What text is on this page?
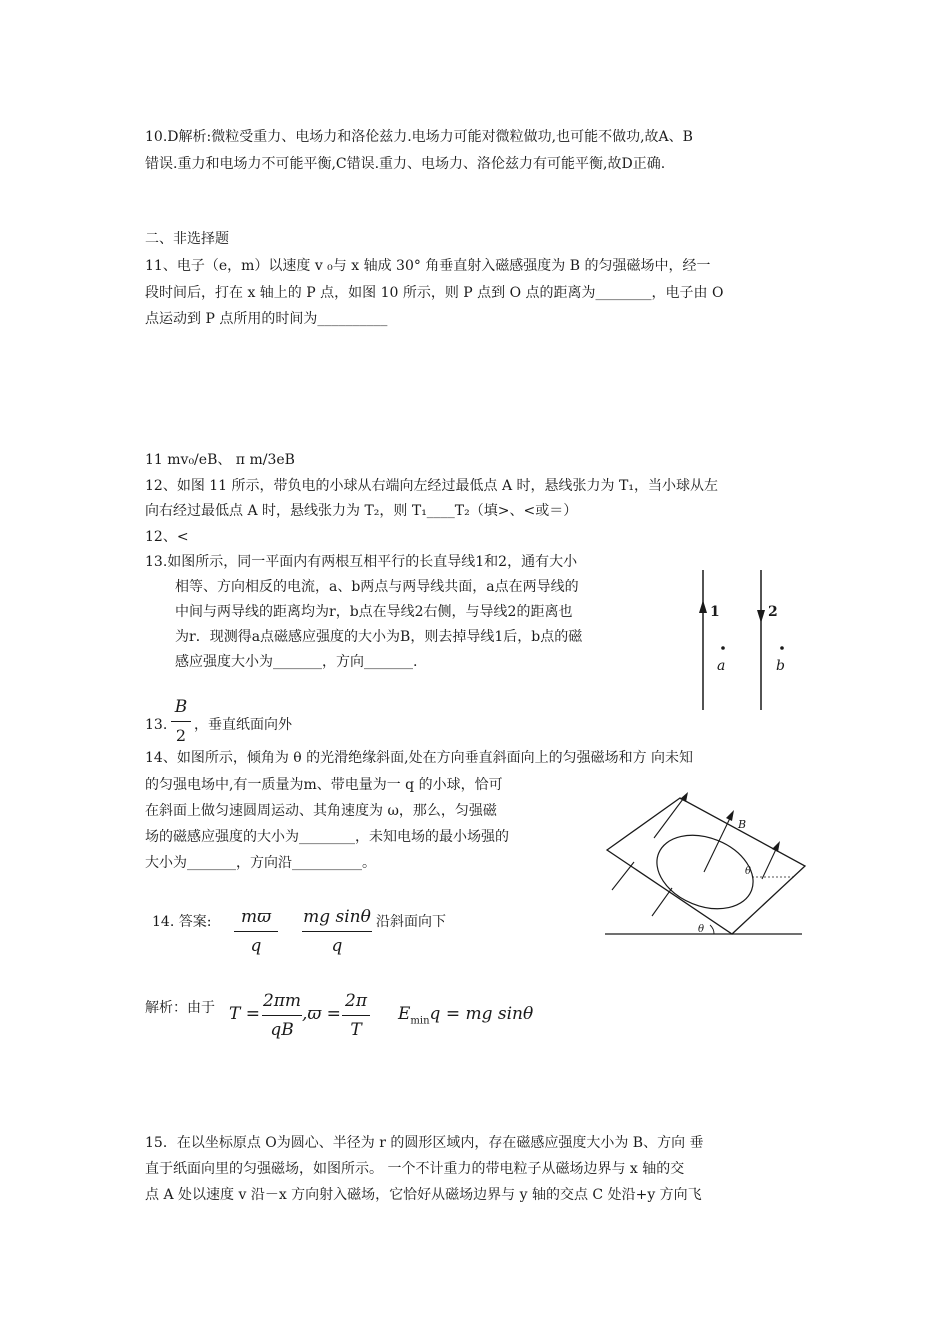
10.D解析:微粒受重力、电场力和洛伦兹力.电场力可能对微粒做功,也可能不做功,故A、B

错误.重力和电场力不可能平衡,C错误.重力、电场力、洛伦兹力有可能平衡,故D正确.

二、非选择题

11、电子（e，m）以速度 v ₀与 x 轴成 30° 角垂直射入磁感强度为 B 的匀强磁场中，经一

段时间后，打在 x 轴上的 P 点，如图 10 所示，则 P 点到 O 点的距离为________，电子由 O

点运动到 P 点所用的时间为__________

11 mv₀/eB、 π m/3eB

12、如图 11 所示，带负电的小球从右端向左经过最低点 A 时，悬线张力为 T₁，当小球从左

向右经过最低点 A 时，悬线张力为 T₂，则 T₁____T₂（填>、<或＝）

12、<

13.如图所示，同一平面内有两根互相平行的长直导线1和2，通有大小

相等、方向相反的电流，a、b两点与两导线共面，a点在两导线的

中间与两导线的距离均为r，b点在导线2右侧，与导线2的距离也

为r．现测得a点磁感应强度的大小为B，则去掉导线1后，b点的磁

感应强度大小为_______，方向_______.

1	2
a	b
13.
B
2
，垂直纸面向外

14、如图所示，倾角为 θ 的光滑绝缘斜面,处在方向垂直斜面向上的匀强磁场和方 向未知

的匀强电场中,有一质量为m、带电量为一 q 的小球，恰可

在斜面上做匀速圆周运动、其角速度为 ω，那么，匀强磁

场的磁感应强度的大小为________，未知电场的最小场强的

大小为_______，方向沿__________。

B
θ
θ
14. 答案:	mϖ
q
mg sinθ
q
沿斜面向下
解析：由于 T =
2πm
qB
,ϖ =
2π
T
$E_{min}q$ = mg sinθ

15．在以坐标原点 O为圆心、半径为 r 的圆形区域内，存在磁感应强度大小为 B、方向 垂

直于纸面向里的匀强磁场，如图所示。 一个不计重力的带电粒子从磁场边界与 x 轴的交

点 A 处以速度 v 沿－x 方向射入磁场，它恰好从磁场边界与 y 轴的交点 C 处沿+y 方向飞
